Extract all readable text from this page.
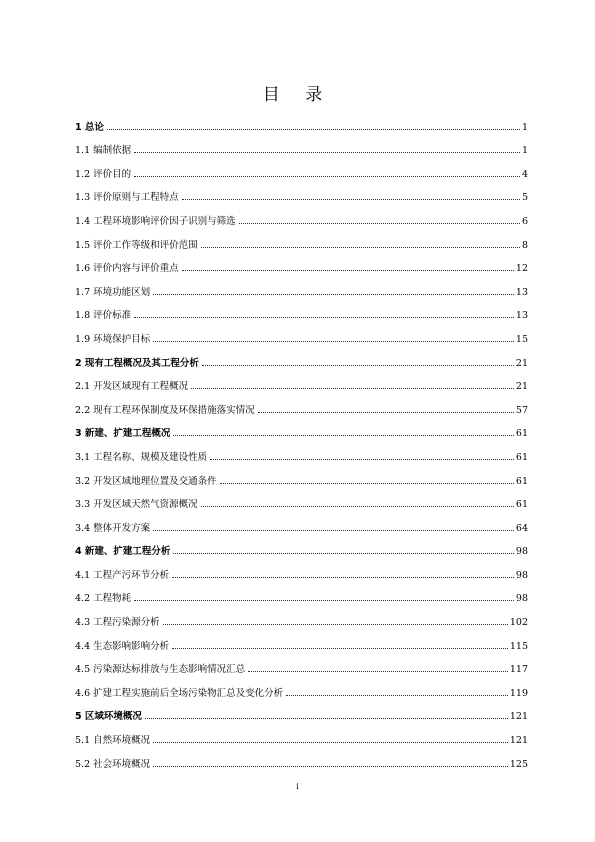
目 录
1 总论	1
1.1 编制依据	1
1.2 评价目的	4
1.3 评价原则与工程特点	5
1.4 工程环境影响评价因子识别与筛选	6
1.5 评价工作等级和评价范围	8
1.6 评价内容与评价重点	12
1.7 环境功能区划	13
1.8 评价标准	13
1.9 环境保护目标	15
2 现有工程概况及其工程分析	21
2.1 开发区域现有工程概况	21
2.2 现有工程环保制度及环保措施落实情况	57
3 新建、扩建工程概况	61
3.1 工程名称、规模及建设性质	61
3.2 开发区域地理位置及交通条件	61
3.3 开发区域天然气资源概况	61
3.4 整体开发方案	64
4 新建、扩建工程分析	98
4.1 工程产污环节分析	98
4.2 工程物耗	98
4.3 工程污染源分析	102
4.4 生态影响影响分析	115
4.5 污染源达标排放与生态影响情况汇总	117
4.6 扩建工程实施前后全场污染物汇总及变化分析	119
5 区域环境概况	121
5.1 自然环境概况	121
5.2 社会环境概况	125
i
